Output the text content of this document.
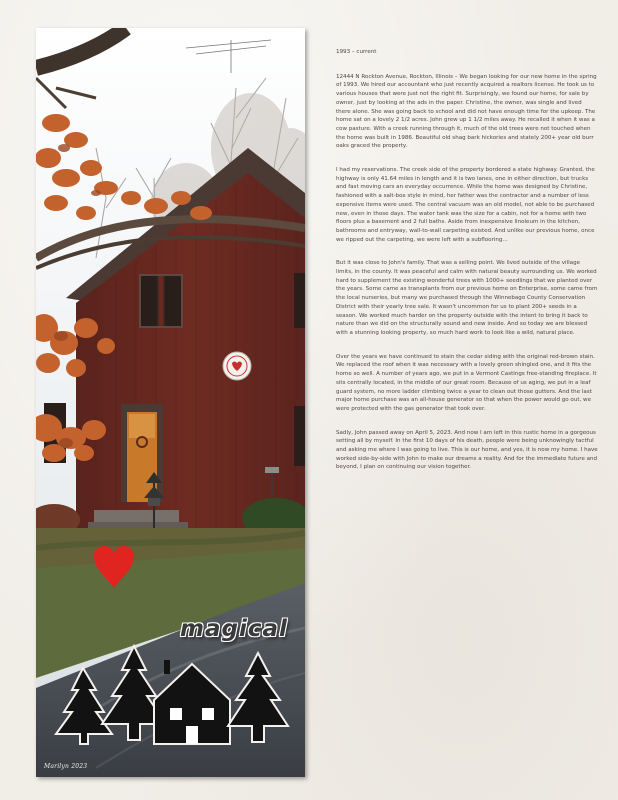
magical
Marilyn 2023
1993 – current

12444 N Rockton Avenue, Rockton, Illinois – We began looking for our new home in the spring of 1993. We hired our accountant who just recently acquired a realtors license. He took us to various houses that were just not the right fit. Surprisingly, we found our home, for sale by owner, just by looking at the ads in the paper. Christine, the owner, was single and lived there alone. She was going back to school and did not have enough time for the upkeep. The home sat on a lovely 2 1/2 acres. John grew up 1 1/2 miles away. He recalled it when it was a cow pasture. With a creek running through it, much of the old trees were not touched when the home was built in 1986. Beautiful old shag bark hickories and stately 200+ year old burr oaks graced the property.

I had my reservations. The creek side of the property bordered a state highway. Granted, the highway is only 41.64 miles in length and it is two lanes, one in either direction, but trucks and fast moving cars an everyday occurrence. While the home was designed by Christine, fashioned with a salt-box style in mind, her father was the contractor and a number of less expensive items were used. The central vacuum was an old model, not able to be purchased new, even in those days. The water tank was the size for a cabin, not for a home with two floors plus a basement and 2 full baths. Aside from inexpensive linoleum in the kitchen, bathrooms and entryway, wall-to-wall carpeting existed. And unlike our previous home, once we ripped out the carpeting, we were left with a subflooring...

But it was close to John's family. That was a selling point. We lived outside of the village limits, in the county. It was peaceful and calm with natural beauty surrounding us. We worked hard to supplement the existing wonderful trees with 1000+ seedlings that we planted over the years. Some came as transplants from our previous home on Enterprise, some came from the local nurseries, but many we purchased through the Winnebago County Conservation District with their yearly tree sale. It wasn't uncommon for us to plant 200+ seeds in a season. We worked much harder on the property outside with the intent to bring it back to nature than we did on the structurally sound and new inside. And so today we are blessed with a stunning looking property, so much hard work to look like a wild, natural place.

Over the years we have continued to stain the cedar siding with the original red-brown stain. We replaced the roof when it was necessary with a lovely green shingled one, and it fits the home so well. A number of years ago, we put in a Vermont Castings free-standing fireplace. It sits centrally located, in the middle of our great room. Because of us aging, we put in a leaf guard system, no more ladder climbing twice a year to clean out those gutters. And the last major home purchase was an all-house generator so that when the power would go out, we were protected with the gas generator that took over.

Sadly, John passed away on April 5, 2023. And now I am left in this rustic home in a gorgeous setting all by myself. In the first 10 days of his death, people were being unknowingly tactful and asking me where I was going to live. This is our home, and yes, it is now my home. I have worked side-by-side with John to make our dreams a reality. And for the immediate future and beyond, I plan on continuing our vision together.
